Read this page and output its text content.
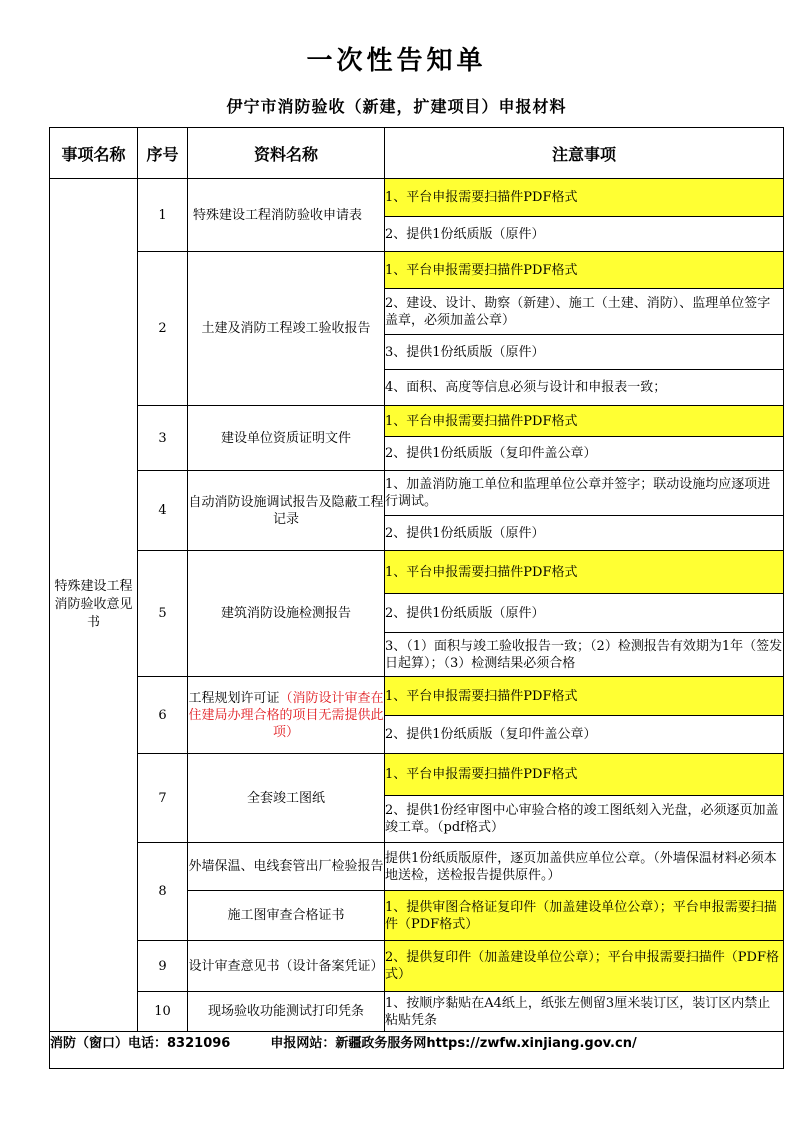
一次性告知单
伊宁市消防验收（新建，扩建项目）申报材料
事项名称	序号	资料名称	注意事项
特殊建设工程消防验收意见书	1	特殊建设工程消防验收申请表	1、平台申报需要扫描件PDF格式
			2、提供1份纸质版（原件）
	2	土建及消防工程竣工验收报告	1、平台申报需要扫描件PDF格式
			2、建设、设计、勘察（新建）、施工（土建、消防）、监理单位签字盖章，必须加盖公章）
			3、提供1份纸质版（原件）
			4、面积、高度等信息必须与设计和申报表一致；
	3	建设单位资质证明文件	1、平台申报需要扫描件PDF格式
			2、提供1份纸质版（复印件盖公章）
	4	自动消防设施调试报告及隐蔽工程记录	1、加盖消防施工单位和监理单位公章并签字；联动设施均应逐项进行调试。
			2、提供1份纸质版（原件）
	5	建筑消防设施检测报告	1、平台申报需要扫描件PDF格式
			2、提供1份纸质版（原件）

			3、（1）面积与竣工验收报告一致；（2）检测报告有效期为1年（签发日起算）；（3）检测结果必须合格

	6	工程规划许可证（消防设计审查在住建局办理合格的项目无需提供此项）	1、平台申报需要扫描件PDF格式
			2、提供1份纸质版（复印件盖公章）
	7	全套竣工图纸	1、平台申报需要扫描件PDF格式
			2、提供1份经审图中心审验合格的竣工图纸刻入光盘，必须逐页加盖竣工章。（pdf格式）
	8	外墙保温、电线套管出厂检验报告	提供1份纸质版原件，逐页加盖供应单位公章。（外墙保温材料必须本地送检，送检报告提供原件。）
		施工图审查合格证书	1、提供审图合格证复印件（加盖建设单位公章）；平台申报需要扫描件（PDF格式）
	9	设计审查意见书（设计备案凭证）	2、提供复印件（加盖建设单位公章）；平台申报需要扫描件（PDF格式）
	10	现场验收功能测试打印凭条	1、按顺序黏贴在A4纸上，纸张左侧留3厘米装订区，装订区内禁止粘贴凭条

消防（窗口）电话：8321096 申报网站：新疆政务服务网https://zwfw.xinjiang.gov.cn/			
